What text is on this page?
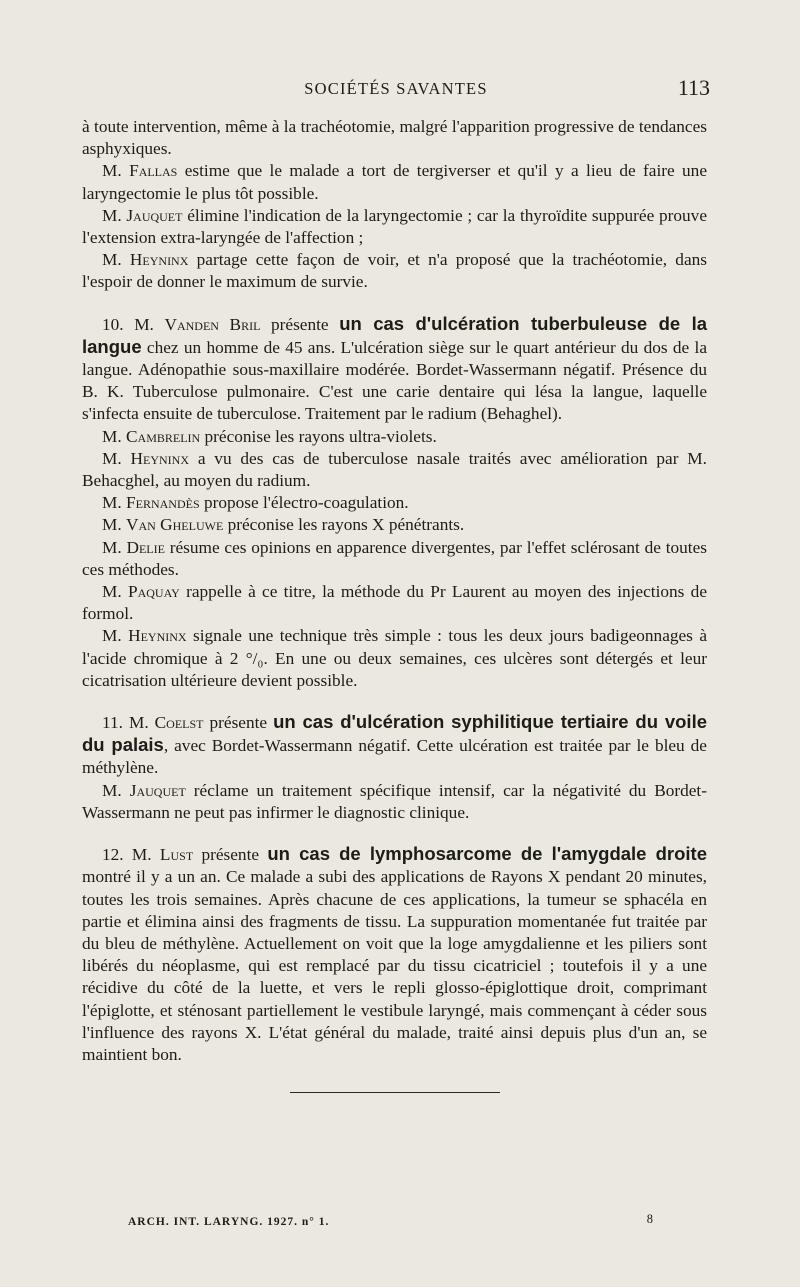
SOCIÉTÉS SAVANTES	113

à toute intervention, même à la trachéotomie, malgré l'apparition progressive de tendances asphyxiques.

M. Fallas estime que le malade a tort de tergiverser et qu'il y a lieu de faire une laryngectomie le plus tôt possible.

M. Jauquet élimine l'indication de la laryngectomie ; car la thyroïdite suppurée prouve l'extension extra-laryngée de l'affection ;

M. Heyninx partage cette façon de voir, et n'a proposé que la trachéotomie, dans l'espoir de donner le maximum de survie.

10. M. Vanden Bril présente un cas d'ulcération tuberbuleuse de la langue chez un homme de 45 ans. L'ulcération siège sur le quart antérieur du dos de la langue. Adénopathie sous-maxillaire modérée. Bordet-Wassermann négatif. Présence du B. K. Tuberculose pulmonaire. C'est une carie dentaire qui lésa la langue, laquelle s'infecta ensuite de tuberculose. Traitement par le radium (Behaghel).

M. Cambrelin préconise les rayons ultra-violets.

M. Heyninx a vu des cas de tuberculose nasale traités avec amélioration par M. Behacghel, au moyen du radium.

M. Fernandès propose l'électro-coagulation.

M. Van Gheluwe préconise les rayons X pénétrants.

M. Delie résume ces opinions en apparence divergentes, par l'effet sclérosant de toutes ces méthodes.

M. Paquay rappelle à ce titre, la méthode du Pr Laurent au moyen des injections de formol.

M. Heyninx signale une technique très simple : tous les deux jours badigeonnages à l'acide chromique à 2 °/₀. En une ou deux semaines, ces ulcères sont détergés et leur cicatrisation ultérieure devient possible.

11. M. Coelst présente un cas d'ulcération syphilitique tertiaire du voile du palais, avec Bordet-Wassermann négatif. Cette ulcération est traitée par le bleu de méthylène.

M. Jauquet réclame un traitement spécifique intensif, car la négativité du Bordet-Wassermann ne peut pas infirmer le diagnostic clinique.

12. M. Lust présente un cas de lymphosarcome de l'amygdale droite montré il y a un an. Ce malade a subi des applications de Rayons X pendant 20 minutes, toutes les trois semaines. Après chacune de ces applications, la tumeur se sphacéla en partie et élimina ainsi des fragments de tissu. La suppuration momentanée fut traitée par du bleu de méthylène. Actuellement on voit que la loge amygdalienne et les piliers sont libérés du néoplasme, qui est remplacé par du tissu cicatriciel ; toutefois il y a une récidive du côté de la luette, et vers le repli glosso-épiglottique droit, comprimant l'épiglotte, et sténosant partiellement le vestibule laryngé, mais commençant à céder sous l'influence des rayons X. L'état général du malade, traité ainsi depuis plus d'un an, se maintient bon.

ARCH. INT. LARYNG. 1927. n° 1.	8
